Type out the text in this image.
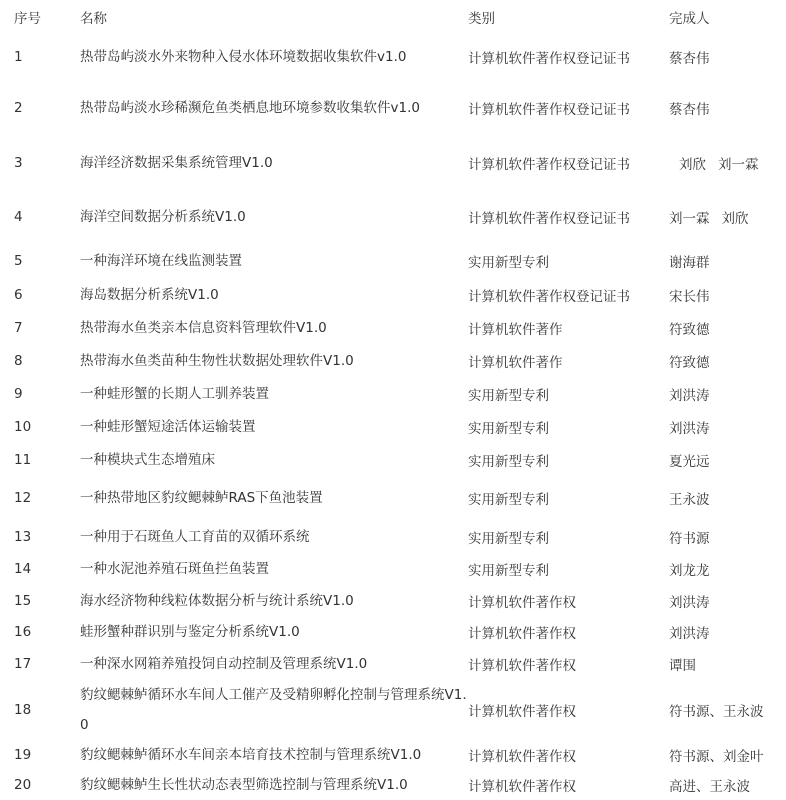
序号	名称	类别	完成人
1	热带岛屿淡水外来物种入侵水体环境数据收集软件v1.0	计算机软件著作权登记证书	蔡杏伟
2	热带岛屿淡水珍稀濒危鱼类栖息地环境参数收集软件v1.0	计算机软件著作权登记证书	蔡杏伟
3	海洋经济数据采集系统管理V1.0	计算机软件著作权登记证书	刘欣 刘一霖
4	海洋空间数据分析系统V1.0	计算机软件著作权登记证书	刘一霖 刘欣
5	一种海洋环境在线监测装置	实用新型专利	谢海群
6	海岛数据分析系统V1.0	计算机软件著作权登记证书	宋长伟
7	热带海水鱼类亲本信息资料管理软件V1.0	计算机软件著作	符致德
8	热带海水鱼类苗种生物性状数据处理软件V1.0	计算机软件著作	符致德
9	一种蛙形蟹的长期人工驯养装置	实用新型专利	刘洪涛
10	一种蛙形蟹短途活体运输装置	实用新型专利	刘洪涛
11	一种模块式生态增殖床	实用新型专利	夏光远
12	一种热带地区豹纹鳃棘鲈RAS下鱼池装置	实用新型专利	王永波
13	一种用于石斑鱼人工育苗的双循环系统	实用新型专利	符书源
14	一种水泥池养殖石斑鱼拦鱼装置	实用新型专利	刘龙龙
15	海水经济物种线粒体数据分析与统计系统V1.0	计算机软件著作权	刘洪涛
16	蛙形蟹种群识别与鉴定分析系统V1.0	计算机软件著作权	刘洪涛
17	一种深水网箱养殖投饲自动控制及管理系统V1.0	计算机软件著作权	谭围
18	豹纹鳃棘鲈循环水车间人工催产及受精卵孵化控制与管理系统V1.0	计算机软件著作权	符书源、王永波
19	豹纹鳃棘鲈循环水车间亲本培育技术控制与管理系统V1.0	计算机软件著作权	符书源、刘金叶
20	豹纹鳃棘鲈生长性状动态表型筛选控制与管理系统V1.0	计算机软件著作权	高进、王永波
